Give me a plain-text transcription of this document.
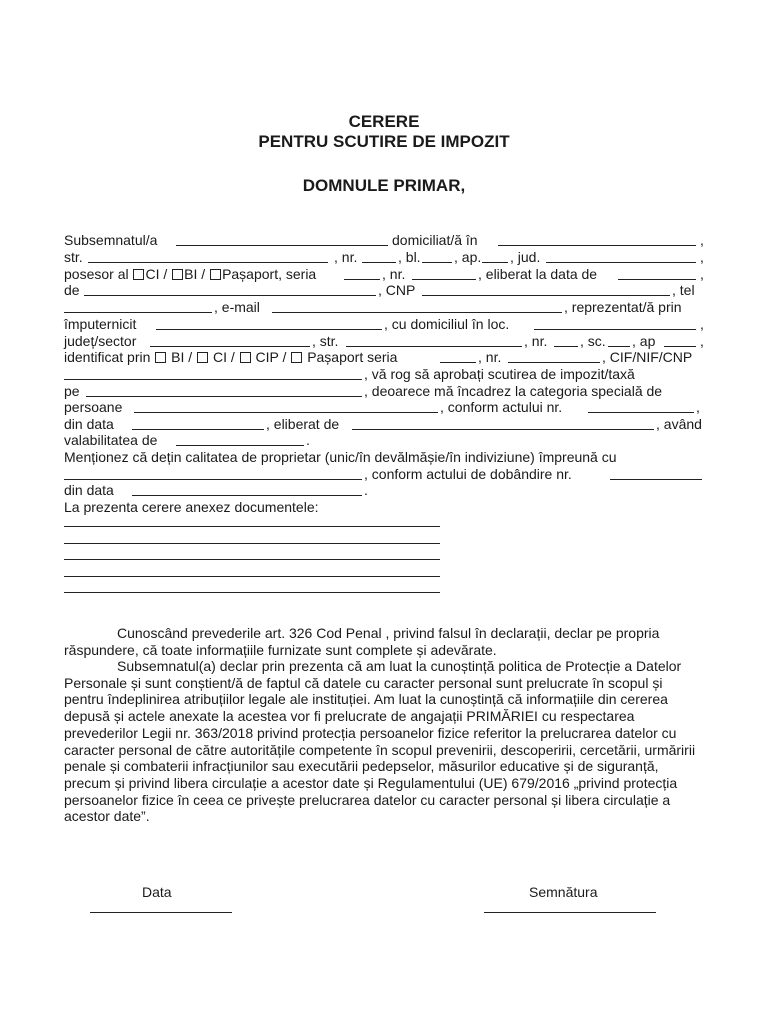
CERERE
PENTRU SCUTIRE DE IMPOZIT
DOMNULE PRIMAR,
Subsemnatul/a	domiciliat/ă în	,
str.	, nr.	, bl. , ap. , jud.	,
posesor al CI / BI / Pașaport, seria	, nr.	, eliberat la data de	,
de	, CNP	, tel
, e-mail	, reprezentat/ă prin
împuternicit	, cu domiciliul în loc.	,
județ/sector	, str.	, nr. , sc. , ap	,
identificat prin BI / CI / CIP / Pașaport seria	, nr.	, CIF/NIF/CNP
, vă rog să aprobați scutirea de impozit/taxă
pe	, deoarece mă încadrez la categoria specială de
persoane	, conform actului nr.	,
din data	, eliberat de	, având
valabilitatea de	.
Menționez că dețin calitatea de proprietar (unic/în devălmășie/în indiviziune) împreună cu
, conform actului de dobândire nr.
din data	.
La prezenta cerere anexez documentele:
Cunoscând prevederile art. 326 Cod Penal , privind falsul în declarații, declar pe propria răspundere, că toate informațiile furnizate sunt complete și adevărate.
Subsemnatul(a) declar prin prezenta că am luat la cunoștință politica de Protecție a Datelor Personale și sunt conștient/ă de faptul că datele cu caracter personal sunt prelucrate în scopul și pentru îndeplinirea atribuțiilor legale ale instituției. Am luat la cunoștință că informațiile din cererea depusă și actele anexate la acestea vor fi prelucrate de angajații PRIMĂRIEI cu respectarea prevederilor Legii nr. 363/2018 privind protecția persoanelor fizice referitor la prelucrarea datelor cu caracter personal de către autoritățile competente în scopul prevenirii, descoperirii, cercetării, urmăririi penale și combaterii infracțiunilor sau executării pedepselor, măsurilor educative și de siguranță, precum și privind libera circulație a acestor date și Regulamentului (UE) 679/2016 „privind protecția persoanelor fizice în ceea ce privește prelucrarea datelor cu caracter personal și libera circulație a acestor date”.
Data	Semnătura
